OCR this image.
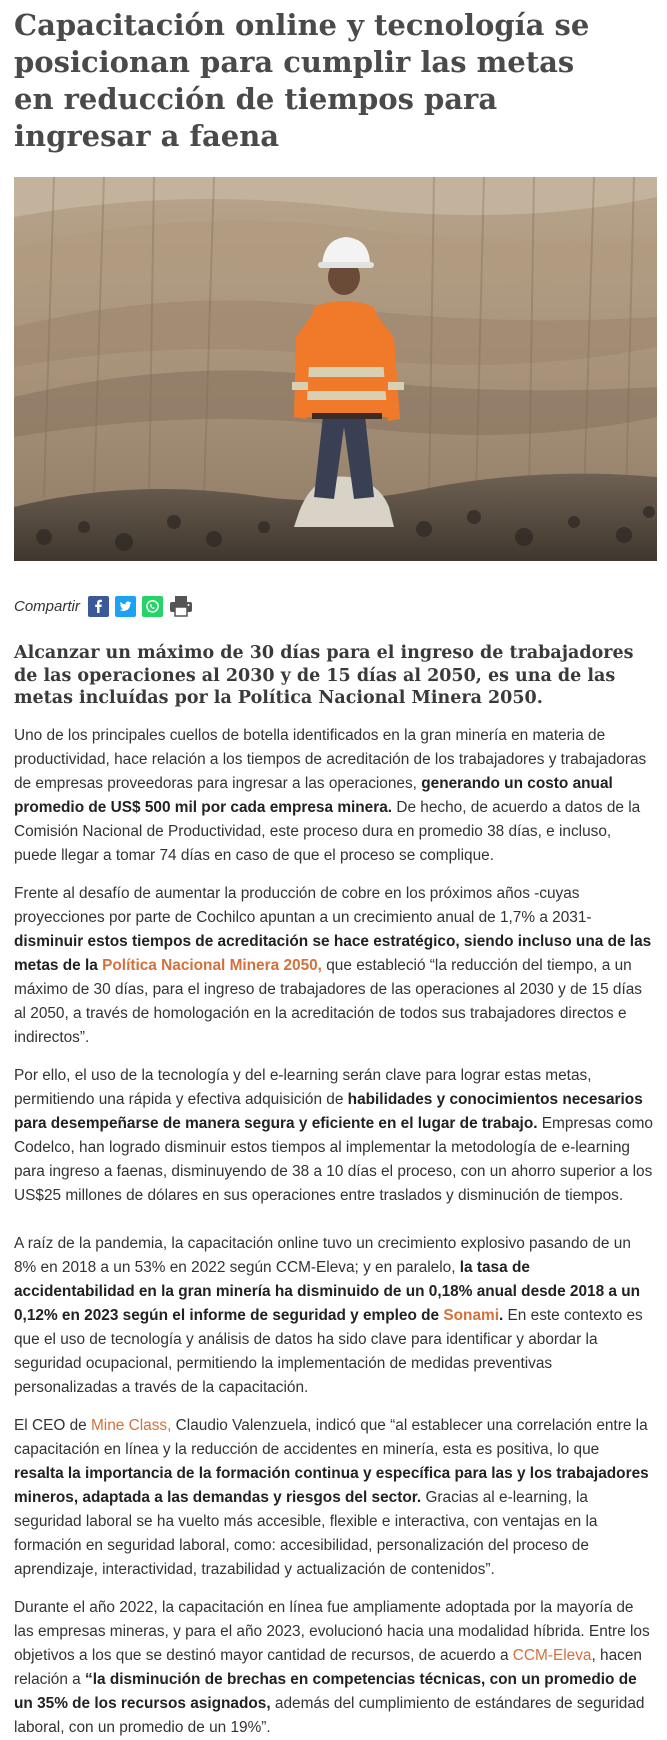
Capacitación online y tecnología se posicionan para cumplir las metas en reducción de tiempos para ingresar a faena
Compartir
Alcanzar un máximo de 30 días para el ingreso de trabajadores de las operaciones al 2030 y de 15 días al 2050, es una de las metas incluídas por la Política Nacional Minera 2050.

Uno de los principales cuellos de botella identificados en la gran minería en materia de productividad, hace relación a los tiempos de acreditación de los trabajadores y trabajadoras de empresas proveedoras para ingresar a las operaciones, generando un costo anual promedio de US$ 500 mil por cada empresa minera. De hecho, de acuerdo a datos de la Comisión Nacional de Productividad, este proceso dura en promedio 38 días, e incluso, puede llegar a tomar 74 días en caso de que el proceso se complique.

Frente al desafío de aumentar la producción de cobre en los próximos años -cuyas proyecciones por parte de Cochilco apuntan a un crecimiento anual de 1,7% a 2031- disminuir estos tiempos de acreditación se hace estratégico, siendo incluso una de las metas de la Política Nacional Minera 2050, que estableció “la reducción del tiempo, a un máximo de 30 días, para el ingreso de trabajadores de las operaciones al 2030 y de 15 días al 2050, a través de homologación en la acreditación de todos sus trabajadores directos e indirectos”.

Por ello, el uso de la tecnología y del e-learning serán clave para lograr estas metas, permitiendo una rápida y efectiva adquisición de habilidades y conocimientos necesarios para desempeñarse de manera segura y eficiente en el lugar de trabajo. Empresas como Codelco, han logrado disminuir estos tiempos al implementar la metodología de e-learning para ingreso a faenas, disminuyendo de 38 a 10 días el proceso, con un ahorro superior a los US$25 millones de dólares en sus operaciones entre traslados y disminución de tiempos.

A raíz de la pandemia, la capacitación online tuvo un crecimiento explosivo pasando de un 8% en 2018 a un 53% en 2022 según CCM-Eleva; y en paralelo, la tasa de accidentabilidad en la gran minería ha disminuido de un 0,18% anual desde 2018 a un 0,12% en 2023 según el informe de seguridad y empleo de Sonami. En este contexto es que el uso de tecnología y análisis de datos ha sido clave para identificar y abordar la seguridad ocupacional, permitiendo la implementación de medidas preventivas personalizadas a través de la capacitación.

El CEO de Mine Class, Claudio Valenzuela, indicó que “al establecer una correlación entre la capacitación en línea y la reducción de accidentes en minería, esta es positiva, lo que resalta la importancia de la formación continua y específica para las y los trabajadores mineros, adaptada a las demandas y riesgos del sector. Gracias al e-learning, la seguridad laboral se ha vuelto más accesible, flexible e interactiva, con ventajas en la formación en seguridad laboral, como: accesibilidad, personalización del proceso de aprendizaje, interactividad, trazabilidad y actualización de contenidos”.

Durante el año 2022, la capacitación en línea fue ampliamente adoptada por la mayoría de las empresas mineras, y para el año 2023, evolucionó hacia una modalidad híbrida. Entre los objetivos a los que se destinó mayor cantidad de recursos, de acuerdo a CCM-Eleva, hacen relación a “la disminución de brechas en competencias técnicas, con un promedio de un 35% de los recursos asignados, además del cumplimiento de estándares de seguridad laboral, con un promedio de un 19%”.
